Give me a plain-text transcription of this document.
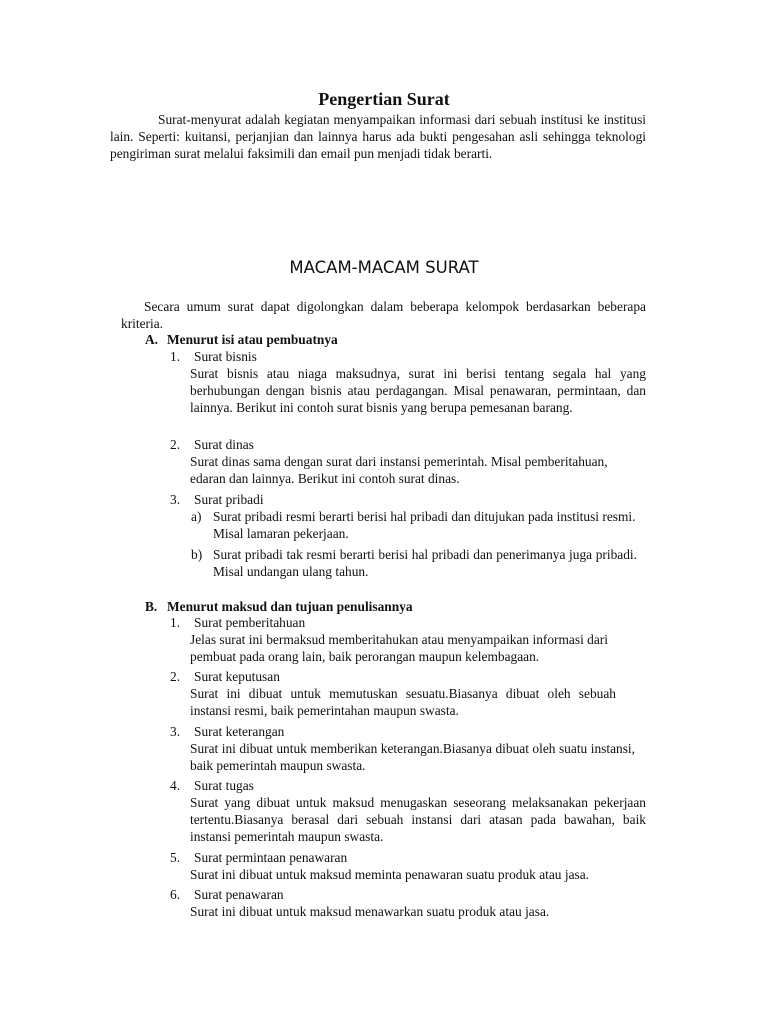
Pengertian Surat
Surat-menyurat adalah kegiatan menyampaikan informasi dari sebuah institusi ke institusi lain. Seperti: kuitansi, perjanjian dan lainnya harus ada bukti pengesahan asli sehingga teknologi pengiriman surat melalui faksimili dan email pun menjadi tidak berarti.
MACAM-MACAM SURAT
Secara umum surat dapat digolongkan dalam beberapa kelompok berdasarkan beberapa kriteria.
A. Menurut isi atau pembuatnya
1. Surat bisnis
Surat bisnis atau niaga maksudnya, surat ini berisi tentang segala hal yang berhubungan dengan bisnis atau perdagangan. Misal penawaran, permintaan, dan lainnya. Berikut ini contoh surat bisnis yang berupa pemesanan barang.
2. Surat dinas
Surat dinas sama dengan surat dari instansi pemerintah. Misal pemberitahuan, edaran dan lainnya. Berikut ini contoh surat dinas.
3. Surat pribadi
a) Surat pribadi resmi berarti berisi hal pribadi dan ditujukan pada institusi resmi. Misal lamaran pekerjaan.
b) Surat pribadi tak resmi berarti berisi hal pribadi dan penerimanya juga pribadi. Misal undangan ulang tahun.
B. Menurut maksud dan tujuan penulisannya
1. Surat pemberitahuan
Jelas surat ini bermaksud memberitahukan atau menyampaikan informasi dari pembuat pada orang lain, baik perorangan maupun kelembagaan.
2. Surat keputusan
Surat ini dibuat untuk memutuskan sesuatu.Biasanya dibuat oleh sebuah instansi resmi, baik pemerintahan maupun swasta.
3. Surat keterangan
Surat ini dibuat untuk memberikan keterangan.Biasanya dibuat oleh suatu instansi, baik pemerintah maupun swasta.
4. Surat tugas
Surat yang dibuat untuk maksud menugaskan seseorang melaksanakan pekerjaan tertentu.Biasanya berasal dari sebuah instansi dari atasan pada bawahan, baik instansi pemerintah maupun swasta.
5. Surat permintaan penawaran
Surat ini dibuat untuk maksud meminta penawaran suatu produk atau jasa.
6. Surat penawaran
Surat ini dibuat untuk maksud menawarkan suatu produk atau jasa.
